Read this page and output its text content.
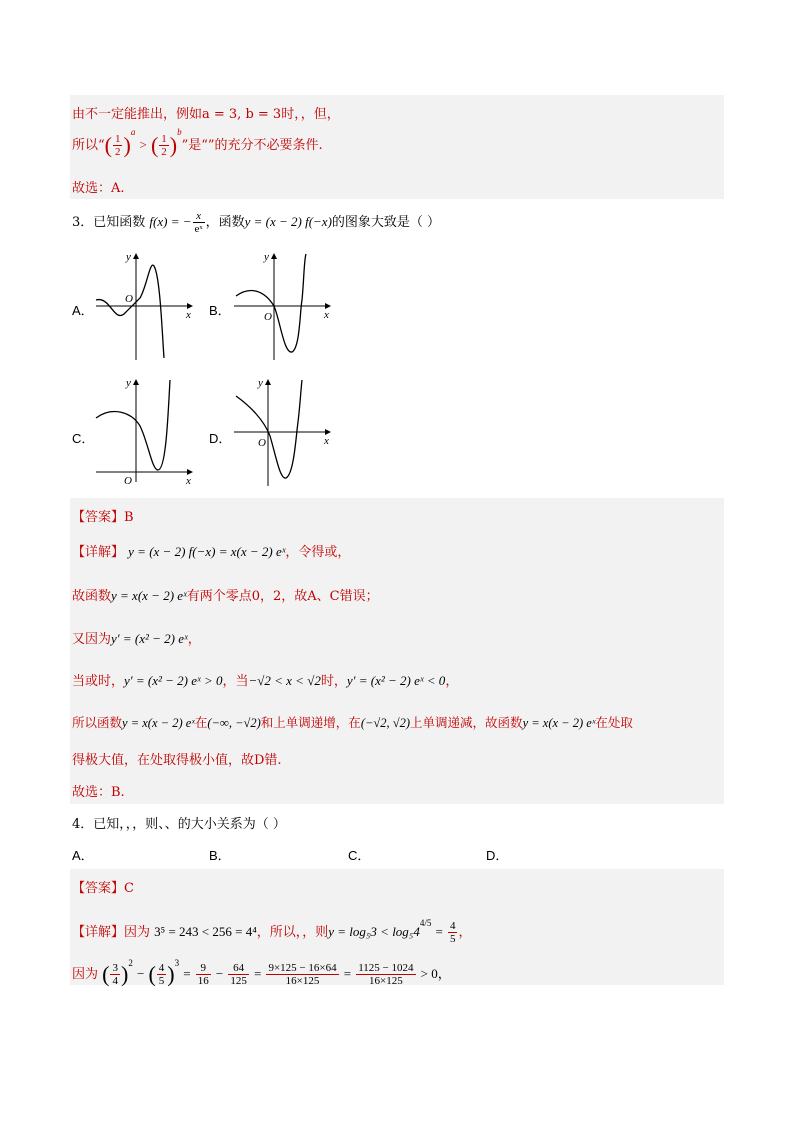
由不一定能推出，例如a = 3, b = 3时，，但，
所以“( $\frac{1}{2} )^a$ > ( $\frac{1}{2} )^b$”是“”的充分不必要条件.
故选：A.
3．已知函数 f(x) = − $\frac{x}{\text{eˣ}}$ ，函数y = (x − 2) f(−x)的图象大致是（ ）
A．	B．
C．	D．
y
x
O
y
x
O
y
x
O
y
x
O
【答案】B
【详解】 y = (x − 2) f(−x) = x(x − 2) eˣ，令得或，
故函数y = x(x − 2) eˣ有两个零点0，2，故A、C错误；
又因为y′ = (x² − 2) eˣ，
当或时，y′ = (x² − 2) eˣ > 0，当−√2 < x < √2时，y′ = (x² − 2) eˣ < 0，
所以函数y = x(x − 2) eˣ在(−∞, −√2)和上单调递增，在(−√2, √2)上单调递减，故函数y = x(x − 2) eˣ在处取
得极大值，在处取得极小值，故D错.
故选：B.
4．已知，，，则、、的大小关系为（ ）
A．	B．	C．	D．
【答案】C
【详解】因为 3⁵ = 243 < 256 = 4⁴，所以，，则$y = \log_53 < \log_54^{4/5} = \frac{4}{5}$ ，
因为 ( $\frac{3}{4} )^2$ − ( $\frac{4}{5} )^3 = \frac{9}{16} - \frac{64}{125} = \frac{9\times 125 - 16\times 64}{16\times 125} = \frac{1125 - 1024}{16\times 125} > 0$，
